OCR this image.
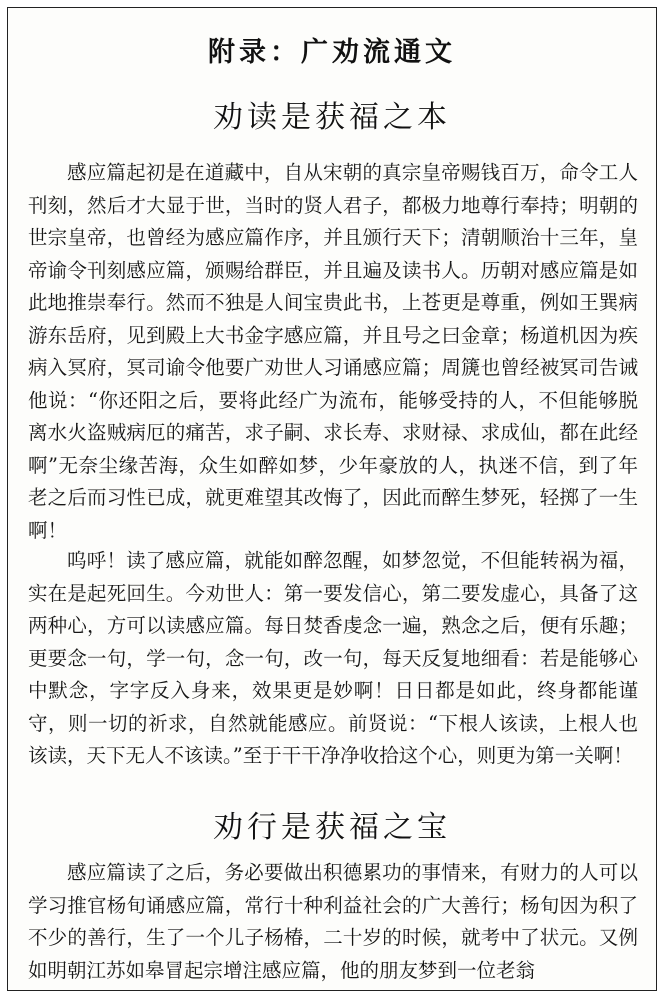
附录：广劝流通文
劝读是获福之本

感应篇起初是在道藏中，自从宋朝的真宗皇帝赐钱百万，命令工人刊刻，然后才大显于世，当时的贤人君子，都极力地尊行奉持；明朝的世宗皇帝，也曾经为感应篇作序，并且颁行天下；清朝顺治十三年，皇帝谕令刊刻感应篇，颁赐给群臣，并且遍及读书人。历朝对感应篇是如此地推崇奉行。然而不独是人间宝贵此书，上苍更是尊重，例如王巽病游东岳府，见到殿上大书金字感应篇，并且号之曰金章；杨道机因为疾病入冥府，冥司谕令他要广劝世人习诵感应篇；周篪也曾经被冥司告诫他说：“你还阳之后，要将此经广为流布，能够受持的人，不但能够脱离水火盗贼病厄的痛苦，求子嗣、求长寿、求财禄、求成仙，都在此经啊”无奈尘缘苦海，众生如醉如梦，少年豪放的人，执迷不信，到了年老之后而习性已成，就更难望其改悔了，因此而醉生梦死，轻掷了一生啊！

呜呼！读了感应篇，就能如醉忽醒，如梦忽觉，不但能转祸为福，实在是起死回生。今劝世人：第一要发信心，第二要发虚心，具备了这两种心，方可以读感应篇。每日焚香虔念一遍，熟念之后，便有乐趣；更要念一句，学一句，念一句，改一句，每天反复地细看：若是能够心中默念，字字反入身来，效果更是妙啊！日日都是如此，终身都能谨守，则一切的祈求，自然就能感应。前贤说：“下根人该读，上根人也该读，天下无人不该读。”至于干干净净收拾这个心，则更为第一关啊！

劝行是获福之宝

感应篇读了之后，务必要做出积德累功的事情来，有财力的人可以学习推官杨旬诵感应篇，常行十种利益社会的广大善行；杨旬因为积了不少的善行，生了一个儿子杨椿，二十岁的时候，就考中了状元。又例如明朝江苏如皋冒起宗增注感应篇，他的朋友梦到一位老翁
